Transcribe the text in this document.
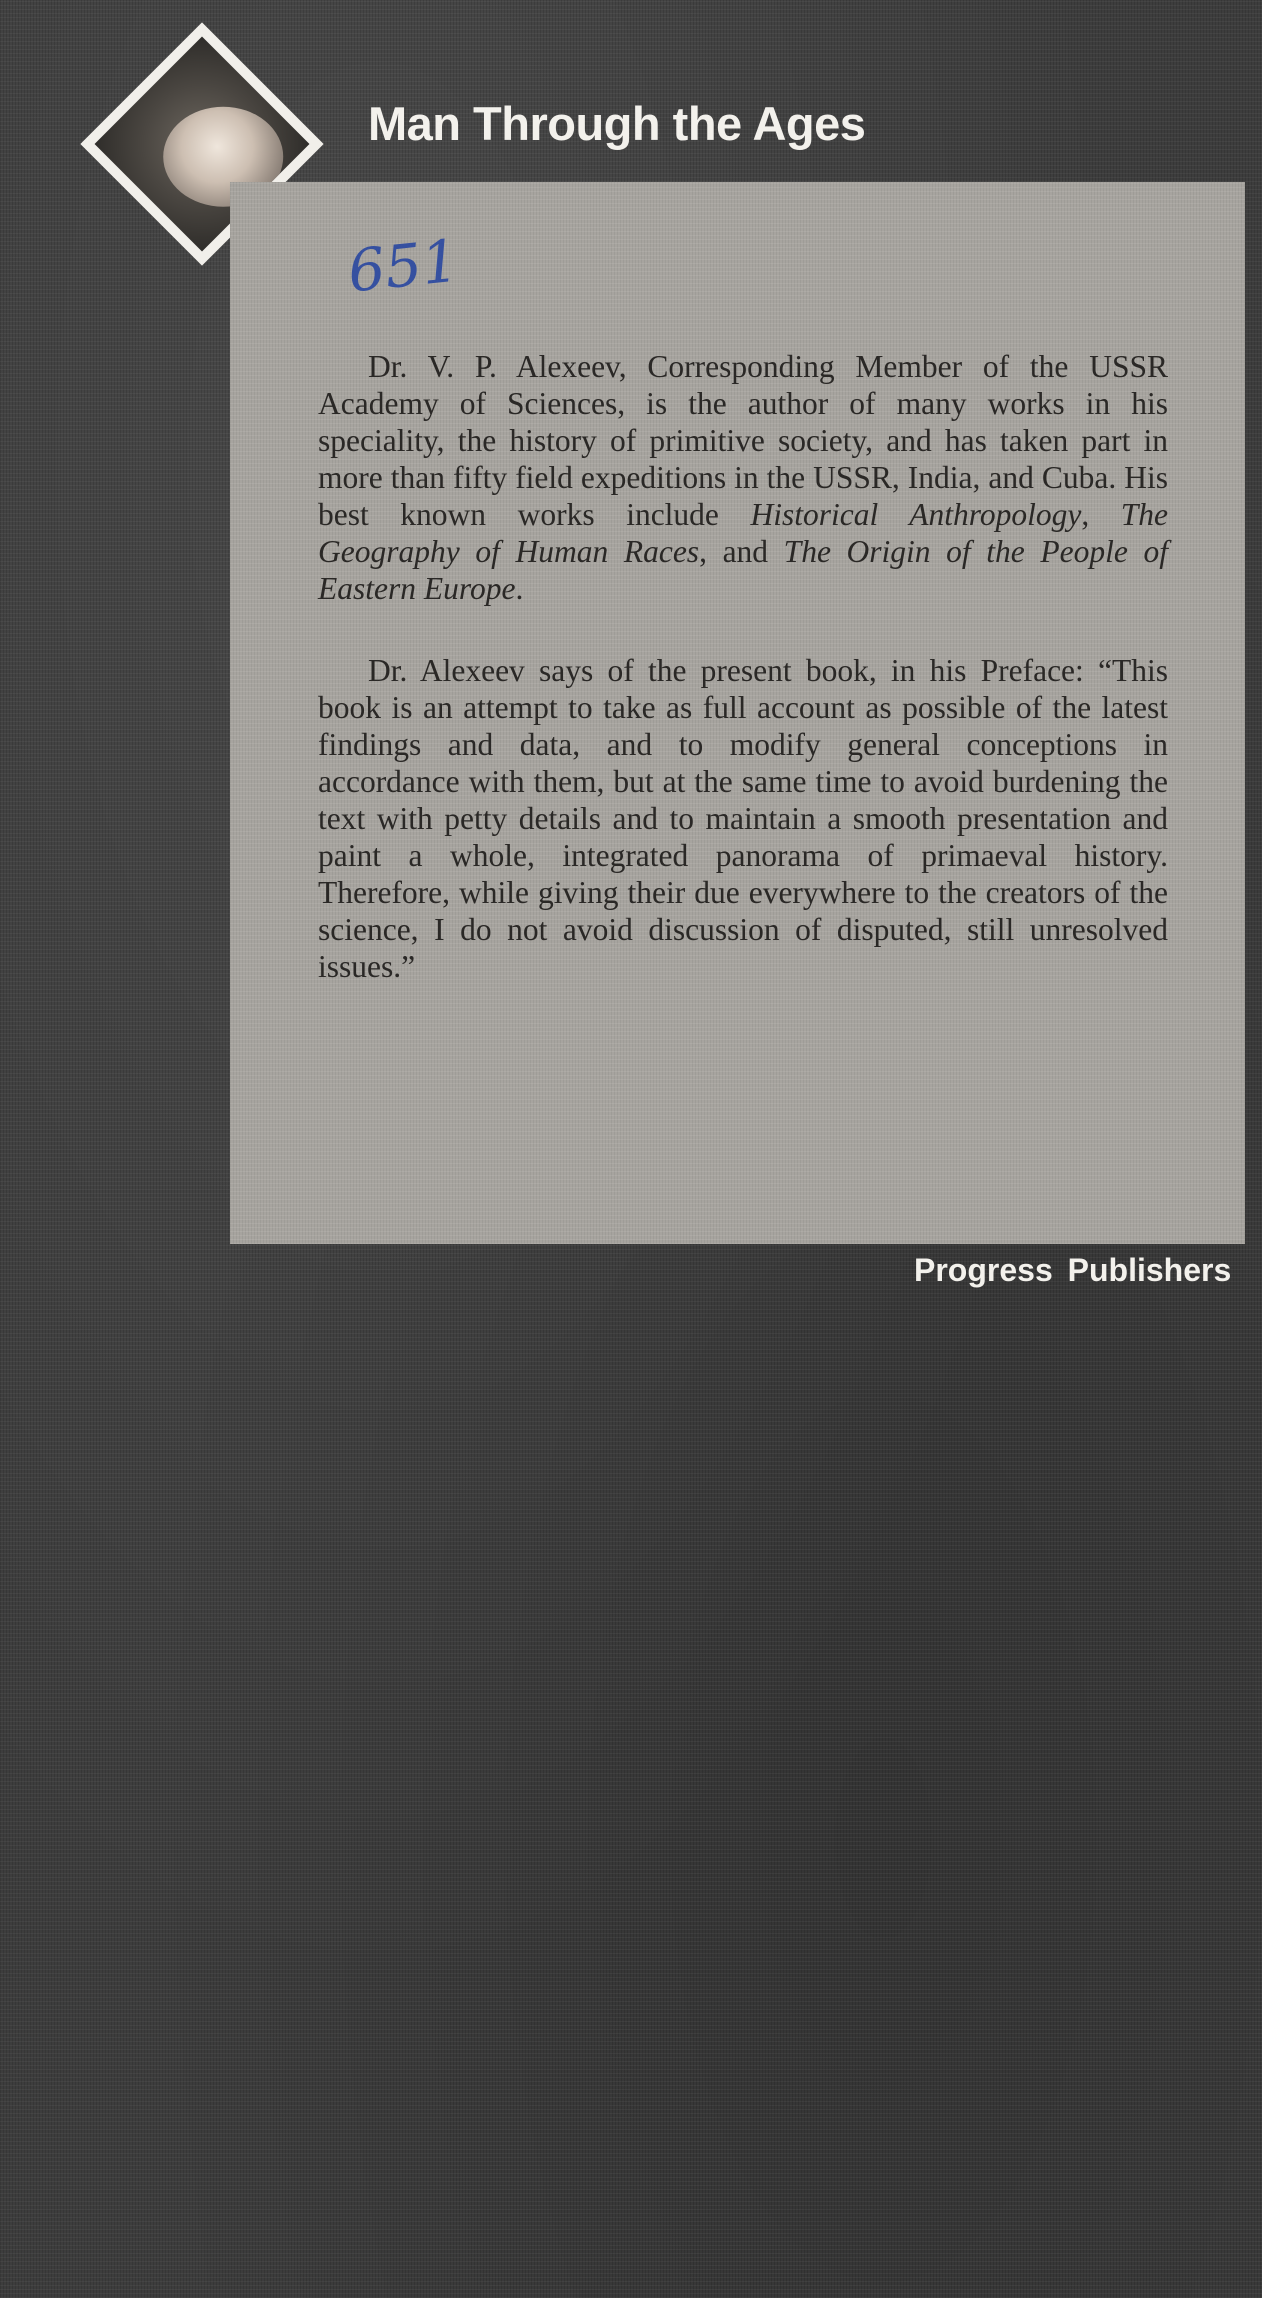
Man Through the Ages

651

Dr. V. P. Alexeev, Corresponding Member of the USSR Academy of Sciences, is the author of many works in his speciality, the history of primitive society, and has taken part in more than fifty field expeditions in the USSR, India, and Cuba. His best known works include Historical Anthropology, The Geography of Human Races, and The Origin of the People of Eastern Europe.

Dr. Alexeev says of the present book, in his Preface: “This book is an attempt to take as full account as possible of the latest findings and data, and to modify general conceptions in accordance with them, but at the same time to avoid burdening the text with petty details and to maintain a smooth presentation and paint a whole, integrated panorama of primaeval history. Therefore, while giving their due everywhere to the creators of the science, I do not avoid discussion of disputed, still unresolved issues.”

Progress Publishers
